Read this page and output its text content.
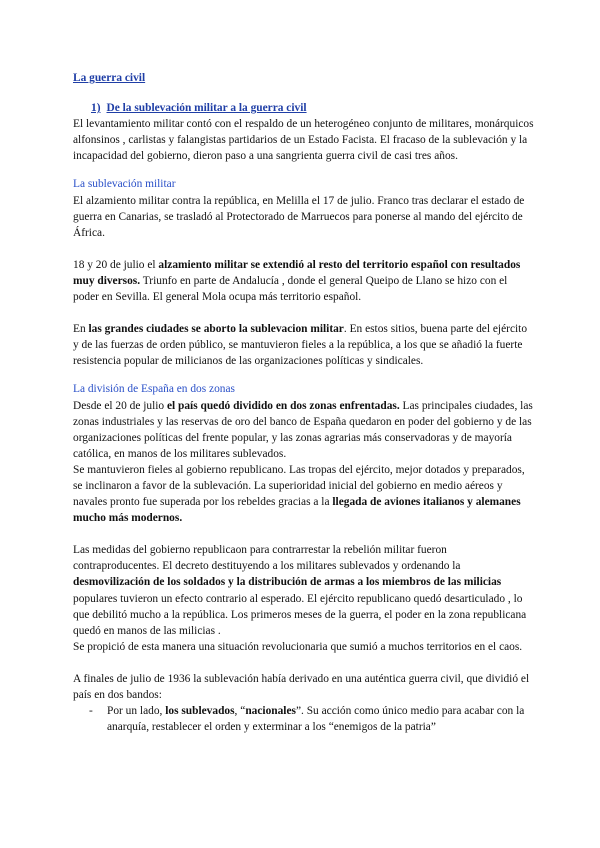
La guerra civil

1) De la sublevación militar a la guerra civil

El levantamiento militar contó con el respaldo de un heterogéneo conjunto de militares, monárquicos alfonsinos , carlistas y falangistas partidarios de un Estado Facista. El fracaso de la sublevación y la incapacidad del gobierno, dieron paso a una sangrienta guerra civil de casi tres años.

La sublevación militar

El alzamiento militar contra la república, en Melilla el 17 de julio. Franco tras declarar el estado de guerra en Canarias, se trasladó al Protectorado de Marruecos para ponerse al mando del ejército de África.

18 y 20 de julio el alzamiento militar se extendió al resto del territorio español con resultados muy diversos. Triunfo en parte de Andalucía , donde el general Queipo de Llano se hizo con el poder en Sevilla. El general Mola ocupa más territorio español.

En las grandes ciudades se aborto la sublevacion militar. En estos sitios, buena parte del ejército y de las fuerzas de orden público, se mantuvieron fieles a la república, a los que se añadió la fuerte resistencia popular de milicianos de las organizaciones políticas y sindicales.

La división de España en dos zonas

Desde el 20 de julio el país quedó dividido en dos zonas enfrentadas. Las principales ciudades, las zonas industriales y las reservas de oro del banco de España quedaron en poder del gobierno y de las organizaciones políticas del frente popular, y las zonas agrarias más conservadoras y de mayoría católica, en manos de los militares sublevados.

Se mantuvieron fieles al gobierno republicano. Las tropas del ejército, mejor dotados y preparados, se inclinaron a favor de la sublevación. La superioridad inicial del gobierno en medio aéreos y navales pronto fue superada por los rebeldes gracias a la llegada de aviones italianos y alemanes mucho más modernos.

Las medidas del gobierno republicaon para contrarrestar la rebelión militar fueron contraproducentes. El decreto destituyendo a los militares sublevados y ordenando la desmovilización de los soldados y la distribución de armas a los miembros de las milicias populares tuvieron un efecto contrario al esperado. El ejército republicano quedó desarticulado , lo que debilitó mucho a la república. Los primeros meses de la guerra, el poder en la zona republicana quedó en manos de las milicias .

Se propició de esta manera una situación revolucionaria que sumió a muchos territorios en el caos.

A finales de julio de 1936 la sublevación había derivado en una auténtica guerra civil, que dividió el país en dos bandos:

- Por un lado, los sublevados, “nacionales”. Su acción como único medio para acabar con la anarquía, restablecer el orden y exterminar a los “enemigos de la patria”
